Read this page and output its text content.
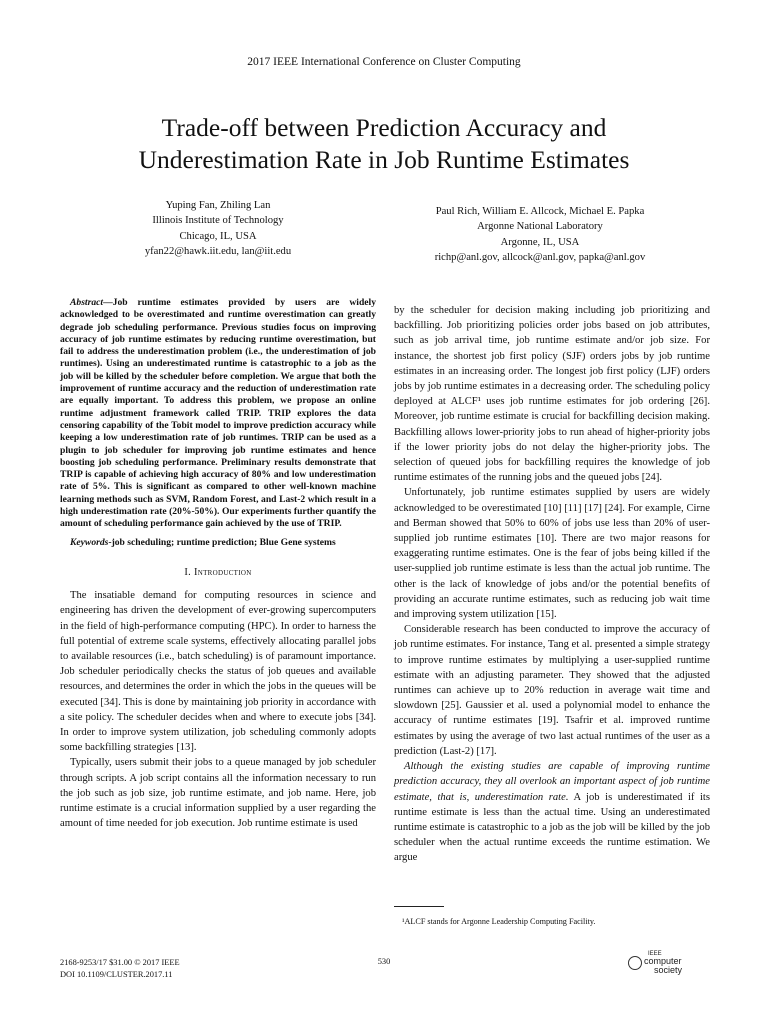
2017 IEEE International Conference on Cluster Computing
Trade-off between Prediction Accuracy and
Underestimation Rate in Job Runtime Estimates
Yuping Fan, Zhiling Lan
Illinois Institute of Technology
Chicago, IL, USA
yfan22@hawk.iit.edu, lan@iit.edu
Paul Rich, William E. Allcock, Michael E. Papka
Argonne National Laboratory
Argonne, IL, USA
richp@anl.gov, allcock@anl.gov, papka@anl.gov

Abstract—Job runtime estimates provided by users are widely acknowledged to be overestimated and runtime overestimation can greatly degrade job scheduling performance. Previous studies focus on improving accuracy of job runtime estimates by reducing runtime overestimation, but fail to address the underestimation problem (i.e., the underestimation of job runtimes). Using an underestimated runtime is catastrophic to a job as the job will be killed by the scheduler before completion. We argue that both the improvement of runtime accuracy and the reduction of underestimation rate are equally important. To address this problem, we propose an online runtime adjustment framework called TRIP. TRIP explores the data censoring capability of the Tobit model to improve prediction accuracy while keeping a low underestimation rate of job runtimes. TRIP can be used as a plugin to job scheduler for improving job runtime estimates and hence boosting job scheduling performance. Preliminary results demonstrate that TRIP is capable of achieving high accuracy of 80% and low underestimation rate of 5%. This is significant as compared to other well-known machine learning methods such as SVM, Random Forest, and Last-2 which result in a high underestimation rate (20%-50%). Our experiments further quantify the amount of scheduling performance gain achieved by the use of TRIP.

Keywords-job scheduling; runtime prediction; Blue Gene systems

I. Introduction

The insatiable demand for computing resources in science and engineering has driven the development of ever-growing supercomputers in the field of high-performance computing (HPC). In order to harness the full potential of extreme scale systems, effectively allocating parallel jobs to available resources (i.e., batch scheduling) is of paramount importance. Job scheduler periodically checks the status of job queues and available resources, and determines the order in which the jobs in the queues will be executed [34]. This is done by maintaining job priority in accordance with a site policy. The scheduler decides when and where to execute jobs [34]. In order to improve system utilization, job scheduling commonly adopts some backfilling strategies [13].

Typically, users submit their jobs to a queue managed by job scheduler through scripts. A job script contains all the information necessary to run the job such as job size, job runtime estimate, and job name. Here, job runtime estimate is a crucial information supplied by a user regarding the amount of time needed for job execution. Job runtime estimate is used

by the scheduler for decision making including job prioritizing and backfilling. Job prioritizing policies order jobs based on job attributes, such as job arrival time, job runtime estimate and/or job size. For instance, the shortest job first policy (SJF) orders jobs by job runtime estimates in an increasing order. The longest job first policy (LJF) orders jobs by job runtime estimates in a decreasing order. The scheduling policy deployed at ALCF¹ uses job runtime estimates for job ordering [26]. Moreover, job runtime estimate is crucial for backfilling decision making. Backfilling allows lower-priority jobs to run ahead of higher-priority jobs if the lower priority jobs do not delay the higher-priority jobs. The selection of queued jobs for backfilling requires the knowledge of job runtime estimates of the running jobs and the queued jobs [24].

Unfortunately, job runtime estimates supplied by users are widely acknowledged to be overestimated [10] [11] [17] [24]. For example, Cirne and Berman showed that 50% to 60% of jobs use less than 20% of user-supplied job runtime estimates [10]. There are two major reasons for exaggerating runtime estimates. One is the fear of jobs being killed if the user-supplied job runtime estimate is less than the actual job runtime. The other is the lack of knowledge of jobs and/or the potential benefits of providing an accurate runtime estimates, such as reducing job wait time and improving system utilization [15].

Considerable research has been conducted to improve the accuracy of job runtime estimates. For instance, Tang et al. presented a simple strategy to improve runtime estimates by multiplying a user-supplied runtime estimate with an adjusting parameter. They showed that the adjusted runtimes can achieve up to 20% reduction in average wait time and slowdown [25]. Gaussier et al. used a polynomial model to enhance the accuracy of runtime estimates [19]. Tsafrir et al. improved runtime estimates by using the average of two last actual runtimes of the user as a prediction (Last-2) [17].

Although the existing studies are capable of improving runtime prediction accuracy, they all overlook an important aspect of job runtime estimate, that is, underestimation rate. A job is underestimated if its runtime estimate is less than the actual time. Using an underestimated runtime estimate is catastrophic to a job as the job will be killed by the job scheduler when the actual runtime exceeds the runtime estimation. We argue

¹ALCF stands for Argonne Leadership Computing Facility.
2168-9253/17 $31.00 © 2017 IEEE
DOI 10.1109/CLUSTER.2017.11
530
IEEE
computer
society
